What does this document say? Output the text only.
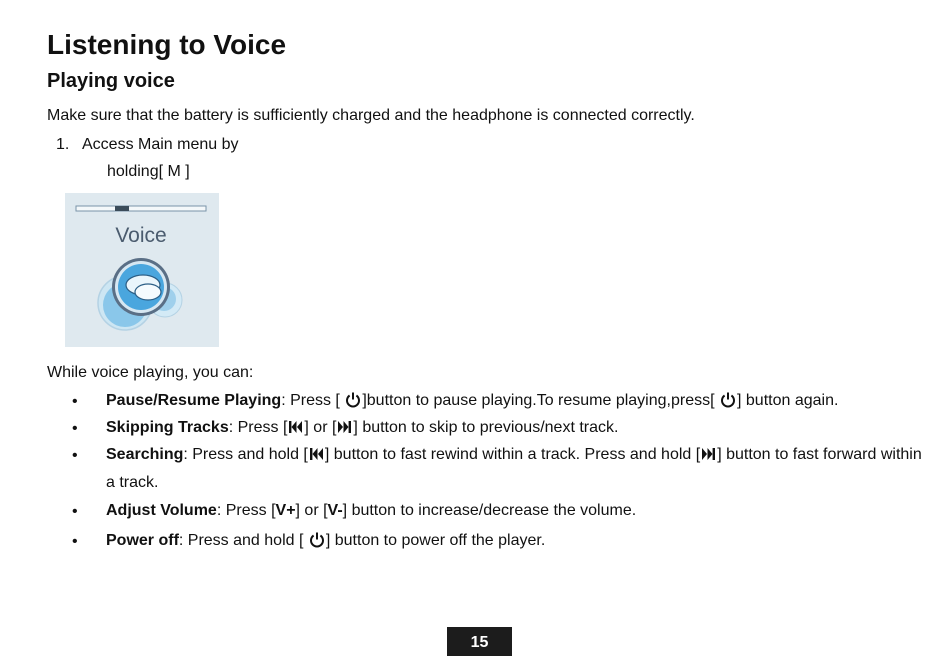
Listening to Voice
Playing voice
Make sure that the battery is sufficiently charged and the headphone is connected correctly.
1. Access Main menu by
holding[ M ]
Voice
While voice playing, you can:
• Pause/Resume Playing: Press [ ]button to pause playing.To resume playing,press[ ] button again.
• Skipping Tracks: Press [ ] or [ ] button to skip to previous/next track.
• Searching: Press and hold [ ] button to fast rewind within a track. Press and hold [ ] button to fast forward within
a track.
• Adjust Volume: Press [V+] or [V-] button to increase/decrease the volume.
• Power off: Press and hold [ ] button to power off the player.
15
